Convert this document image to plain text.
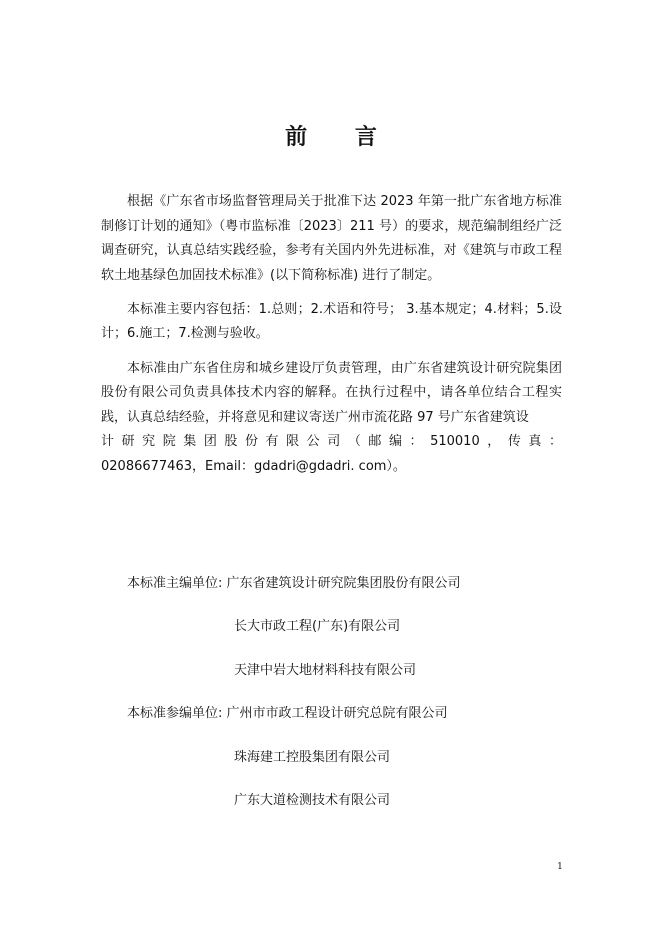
前 言

根据《广东省市场监督管理局关于批准下达 2023 年第一批广东省地方标准制修订计划的通知》（粤市监标准〔2023〕211 号）的要求，规范编制组经广泛调查研究，认真总结实践经验，参考有关国内外先进标准，对《建筑与市政工程软土地基绿色加固技术标准》(以下简称标准) 进行了制定。

本标准主要内容包括：1.总则；2.术语和符号； 3.基本规定；4.材料；5.设计；6.施工；7.检测与验收。

本标准由广东省住房和城乡建设厅负责管理，由广东省建筑设计研究院集团股份有限公司负责具体技术内容的解释。在执行过程中，请各单位结合工程实践，认真总结经验，并将意见和建议寄送广州市流花路 97 号广东省建筑设
计研究院集团股份有限公司（邮编：510010，传真：
02086677463，Email：gdadri@gdadri. com）。

本标准主编单位: 广东省建筑设计研究院集团股份有限公司
长大市政工程(广东)有限公司
天津中岩大地材料科技有限公司
本标准参编单位: 广州市市政工程设计研究总院有限公司
珠海建工控股集团有限公司
广东大道检测技术有限公司
1
